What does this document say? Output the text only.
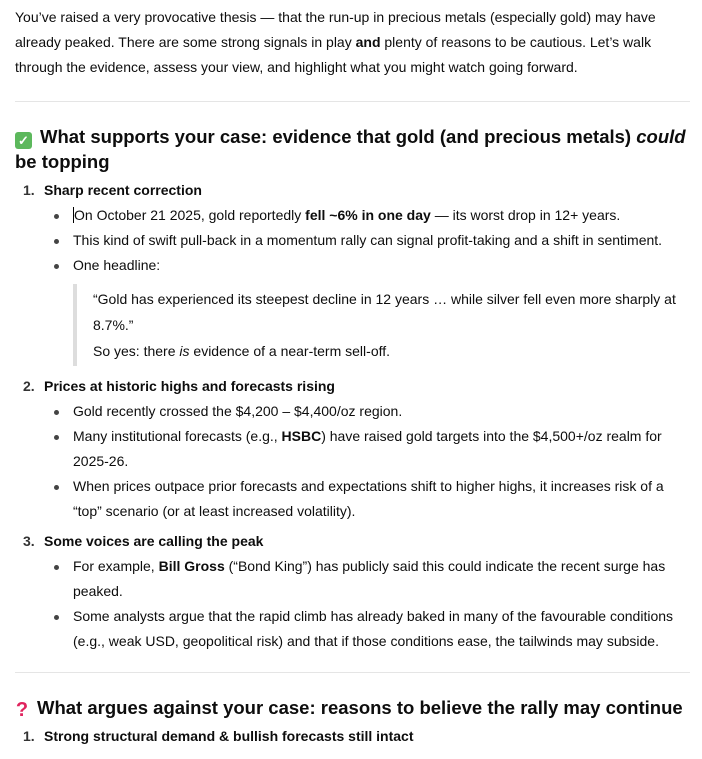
You’ve raised a very provocative thesis — that the run-up in precious metals (especially gold) may have already peaked. There are some strong signals in play and plenty of reasons to be cautious. Let’s walk through the evidence, assess your view, and highlight what you might watch going forward.

✓ What supports your case: evidence that gold (and precious metals) could be topping
1. Sharp recent correction
On October 21 2025, gold reportedly fell ~6% in one day — its worst drop in 12+ years.
This kind of swift pull-back in a momentum rally can signal profit-taking and a shift in sentiment.
One headline:
“Gold has experienced its steepest decline in 12 years … while silver fell even more sharply at 8.7%.”
So yes: there is evidence of a near-term sell-off.
2. Prices at historic highs and forecasts rising
Gold recently crossed the $4,200 – $4,400/oz region.
Many institutional forecasts (e.g., HSBC) have raised gold targets into the $4,500+/oz realm for 2025-26.
When prices outpace prior forecasts and expectations shift to higher highs, it increases risk of a “top” scenario (or at least increased volatility).
3. Some voices are calling the peak
For example, Bill Gross (“Bond King”) has publicly said this could indicate the recent surge has peaked.
Some analysts argue that the rapid climb has already baked in many of the favourable conditions (e.g., weak USD, geopolitical risk) and that if those conditions ease, the tailwinds may subside.
? What argues against your case: reasons to believe the rally may continue
1. Strong structural demand & bullish forecasts still intact
